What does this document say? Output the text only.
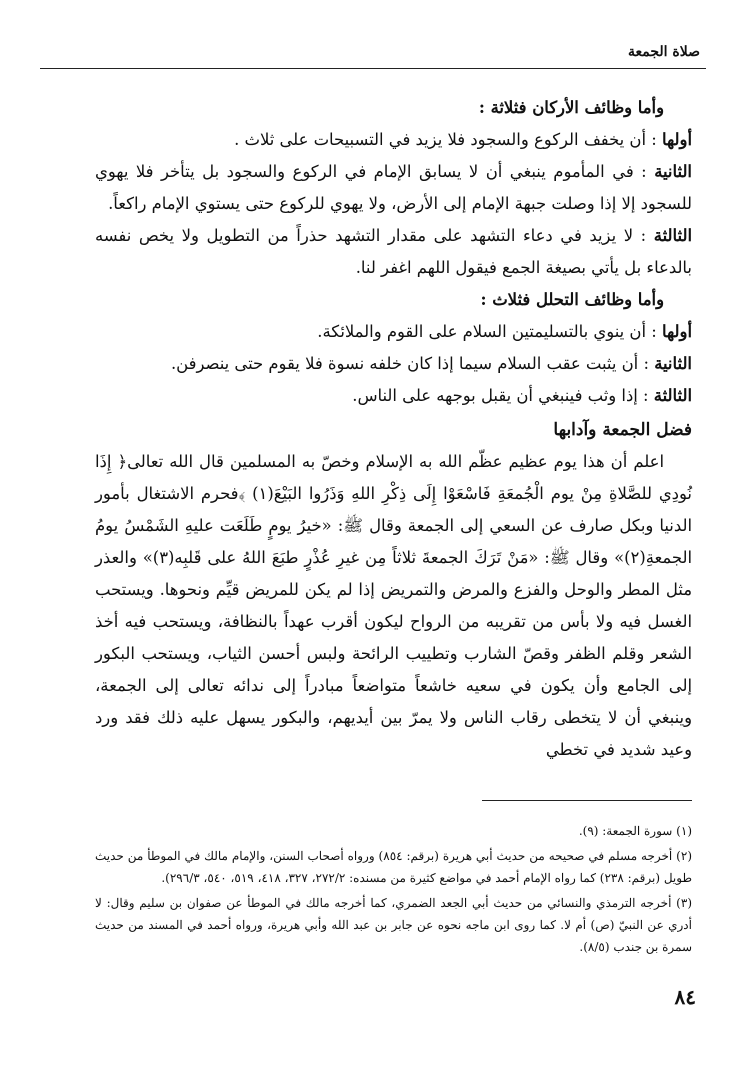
صلاة الجمعة

وأما وظائف الأركان فثلاثة :

أولها : أن يخفف الركوع والسجود فلا يزيد في التسبيحات على ثلاث .

الثانية : في المأموم ينبغي أن لا يسابق الإمام في الركوع والسجود بل يتأخر فلا يهوي للسجود إلا إذا وصلت جبهة الإمام إلى الأرض، ولا يهوي للركوع حتى يستوي الإمام راكعاً.

الثالثة : لا يزيد في دعاء التشهد على مقدار التشهد حذراً من التطويل ولا يخص نفسه بالدعاء بل يأتي بصيغة الجمع فيقول اللهم اغفر لنا.

وأما وظائف التحلل فثلاث :

أولها : أن ينوي بالتسليمتين السلام على القوم والملائكة.

الثانية : أن يثبت عقب السلام سيما إذا كان خلفه نسوة فلا يقوم حتى ينصرفن.

الثالثة : إذا وثب فينبغي أن يقبل بوجهه على الناس.

فضل الجمعة وآدابها

اعلم أن هذا يوم عظيم عظّم الله به الإسلام وخصّ به المسلمين قال الله تعالى﴿ إِذَا نُودِي للصَّلاةِ مِنْ يوم الْجُمعَةِ فَاسْعَوْا إِلَى ذِكْرِ اللهِ وَذَرُوا البَيْعَ(١) ﴾فحرم الاشتغال بأمور الدنيا وبكل صارف عن السعي إلى الجمعة وقال ﷺ: «خيرُ يومٍ طَلَعَت عليهِ الشَمْسُ يومُ الجمعةِ(٢)» وقال ﷺ: «مَنْ تَرَكَ الجمعةَ ثلاثاً مِن غيرِ عُذْرٍ طبَعَ اللهُ على قَلبِه(٣)» والعذر مثل المطر والوحل والفزع والمرض والتمريض إذا لم يكن للمريض قيِّم ونحوها. ويستحب الغسل فيه ولا بأس من تقريبه من الرواح ليكون أقرب عهداً بالنظافة، ويستحب فيه أخذ الشعر وقلم الظفر وقصّ الشارب وتطييب الرائحة ولبس أحسن الثياب، ويستحب البكور إلى الجامع وأن يكون في سعيه خاشعاً متواضعاً مبادراً إلى ندائه تعالى إلى الجمعة، وينبغي أن لا يتخطى رقاب الناس ولا يمرّ بين أيديهم، والبكور يسهل عليه ذلك فقد ورد وعيد شديد في تخطي

(١) سورة الجمعة: (٩).

(٢) أخرجه مسلم في صحيحه من حديث أبي هريرة (برقم: ٨٥٤) ورواه أصحاب السنن، والإمام مالك في الموطأ من حديث طويل (برقم: ٢٣٨) كما رواه الإمام أحمد في مواضع كثيرة من مسنده: ٢٧٢/٢، ٣٢٧، ٤١٨، ٥١٩، ٥٤٠، ٢٩٦/٣).

(٣) أخرجه الترمذي والنسائي من حديث أبي الجعد الضمري، كما أخرجه مالك في الموطأ عن صفوان بن سليم وقال: لا أدري عن النبيّ (ص) أم لا. كما روى ابن ماجه نحوه عن جابر بن عبد الله وأبي هريرة، ورواه أحمد في المسند من حديث سمرة بن جندب (٨/٥).

٨٤
